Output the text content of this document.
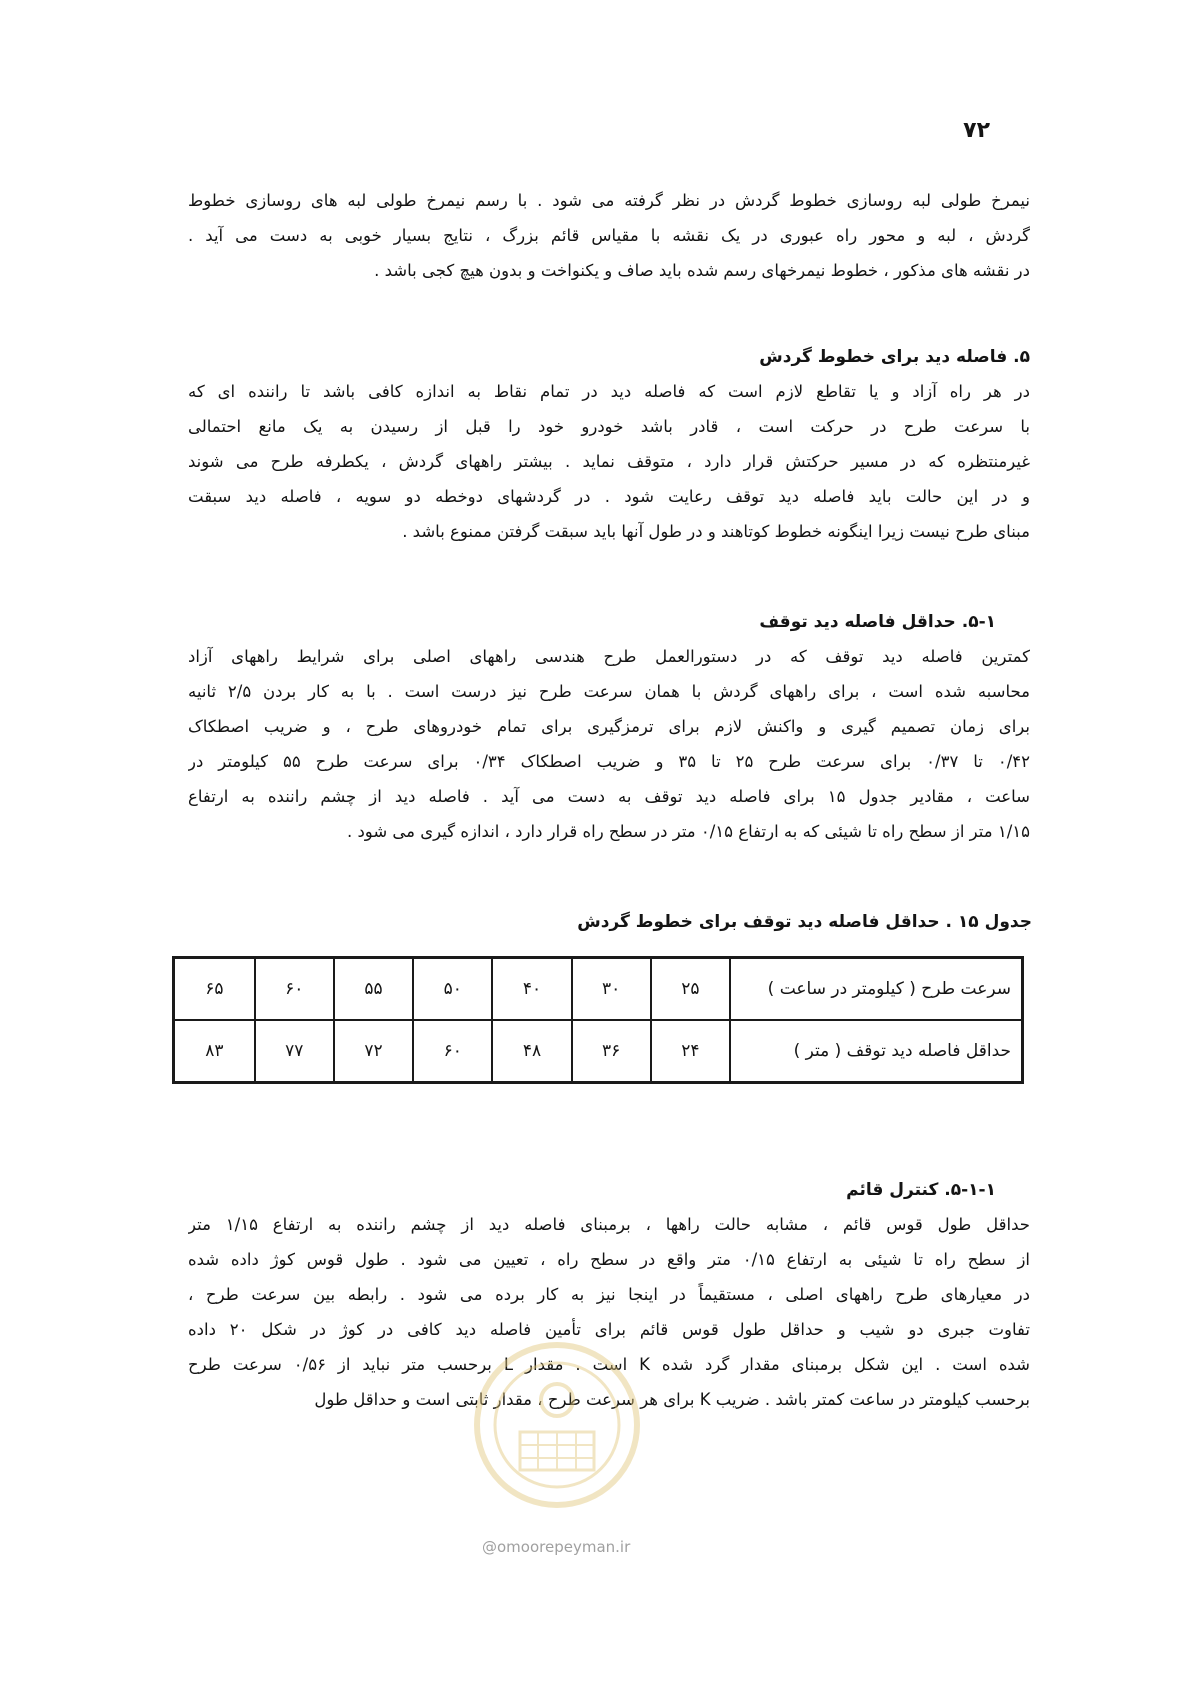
۷۲
نیمرخ طولی لبه روسازی خطوط گردش در نظر گرفته می شود . با رسم نیمرخ طولی لبه های روسازی خطوط
گردش ، لبه و محور راه عبوری در یک نقشه با مقیاس قائم بزرگ ، نتایج بسیار خوبی به دست می آید .
در نقشه های مذکور ، خطوط نیمرخهای رسم شده باید صاف و یکنواخت و بدون هیچ کجی باشد .
۵. فاصله دید برای خطوط گردش
در هر راه آزاد و یا تقاطع لازم است که فاصله دید در تمام نقاط به اندازه کافی باشد تا راننده ای که
با سرعت طرح در حرکت است ، قادر باشد خودرو خود را قبل از رسیدن به یک مانع احتمالی
غیرمنتظره که در مسیر حرکتش قرار دارد ، متوقف نماید . بیشتر راههای گردش ، یکطرفه طرح می شوند
و در این حالت باید فاصله دید توقف رعایت شود . در گردشهای دوخطه دو سویه ، فاصله دید سبقت
مبنای طرح نیست زیرا اینگونه خطوط کوتاهند و در طول آنها باید سبقت گرفتن ممنوع باشد .
۵-۱. حداقل فاصله دید توقف
کمترین فاصله دید توقف که در دستورالعمل طرح هندسی راههای اصلی برای شرایط راههای آزاد
محاسبه شده است ، برای راههای گردش با همان سرعت طرح نیز درست است . با به کار بردن ۲/۵ ثانیه
برای زمان تصمیم گیری و واکنش لازم برای ترمزگیری برای تمام خودروهای طرح ، و ضریب اصطکاک
۰/۴۲ تا ۰/۳۷ برای سرعت طرح ۲۵ تا ۳۵ و ضریب اصطکاک ۰/۳۴ برای سرعت طرح ۵۵ کیلومتر در
ساعت ، مقادیر جدول ۱۵ برای فاصله دید توقف به دست می آید . فاصله دید از چشم راننده به ارتفاع
۱/۱۵ متر از سطح راه تا شیئی که به ارتفاع ۰/۱۵ متر در سطح راه قرار دارد ، اندازه گیری می شود .
جدول ۱۵ . حداقل فاصله دید توقف برای خطوط گردش
سرعت طرح ( کیلومتر در ساعت )	۲۵	۳۰	۴۰	۵۰	۵۵	۶۰	۶۵
حداقل فاصله دید توقف ( متر )	۲۴	۳۶	۴۸	۶۰	۷۲	۷۷	۸۳
۵-۱-۱. کنترل قائم
حداقل طول قوس قائم ، مشابه حالت راهها ، برمبنای فاصله دید از چشم راننده به ارتفاع ۱/۱۵ متر
از سطح راه تا شیئی به ارتفاع ۰/۱۵ متر واقع در سطح راه ، تعیین می شود . طول قوس کوژ داده شده
در معیارهای طرح راههای اصلی ، مستقیماً در اینجا نیز به کار برده می شود . رابطه بین سرعت طرح ،
تفاوت جبری دو شیب و حداقل طول قوس قائم برای تأمین فاصله دید کافی در کوژ در شکل ۲۰ داده
شده است . این شکل برمبنای مقدار گرد شده K است . مقدار L برحسب متر نباید از ۰/۵۶ سرعت طرح
برحسب کیلومتر در ساعت کمتر باشد . ضریب K برای هر سرعت طرح ، مقدار ثابتی است و حداقل طول
@omoorepeyman.ir
